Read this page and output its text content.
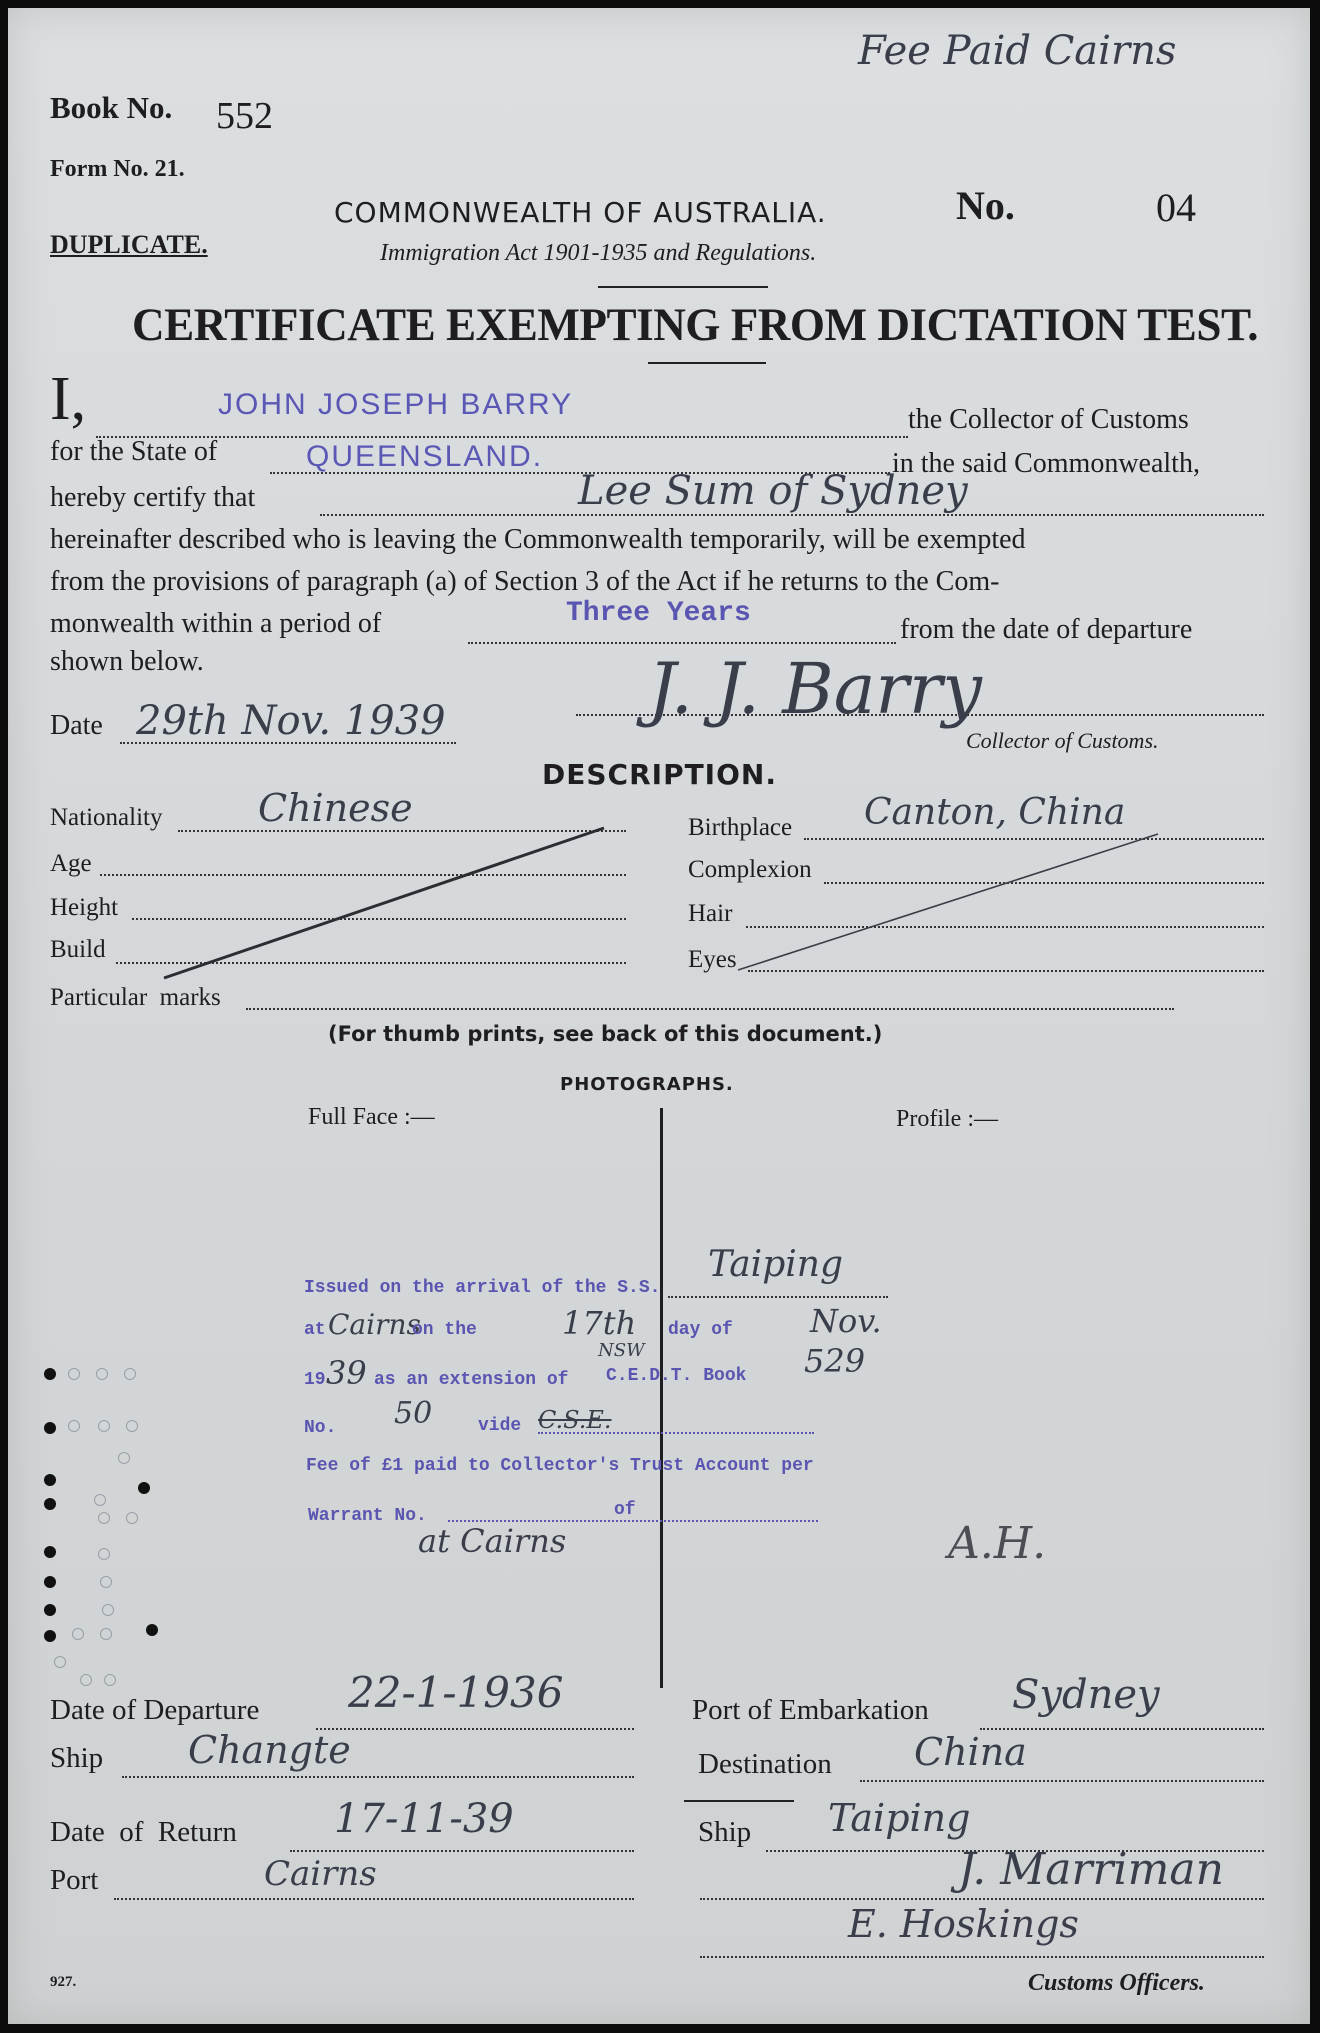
Fee Paid Cairns
Book No. 552
Form No. 21.
DUPLICATE.
COMMONWEALTH OF AUSTRALIA.
Immigration Act 1901-1935 and Regulations.
No.	04
CERTIFICATE EXEMPTING FROM DICTATION TEST.
I,	JOHN JOSEPH BARRY	the Collector of Customs
for the State of	QUEENSLAND.	in the said Commonwealth,
hereby certify that	Lee Sum of Sydney
hereinafter described who is leaving the Commonwealth temporarily, will be exempted
from the provisions of paragraph (a) of Section 3 of the Act if he returns to the Com-
monwealth within a period of	Three Years
from the date of departure
shown below.
Date 29th Nov. 1939	J. J. Barry
Collector of Customs.
DESCRIPTION.
Nationality	Chinese
Age
Height
Build
Particular  marks
Birthplace Canton, China
Complexion
Hair
Eyes
(For thumb prints, see back of this document.)
PHOTOGRAPHS.
Full Face :—	Profile :—
Issued on the arrival of the S.S.
Taiping
at Cairns
on the	17th day of Nov.
19 39 as an extension of
NSW
C.E.D.T. Book 529
No. 50	vide C.S.E.
Fee of £1 paid to Collector's Trust Account per
Warrant No.	of
at Cairns	A.H.
Date of Departure 22-1-1936
Ship Changte
Port of Embarkation Sydney
Destination China
Date  of  Return 17-11-39
Port	Cairns
Ship Taiping
J. Marriman
E. Hoskings
Customs Officers.
927.
